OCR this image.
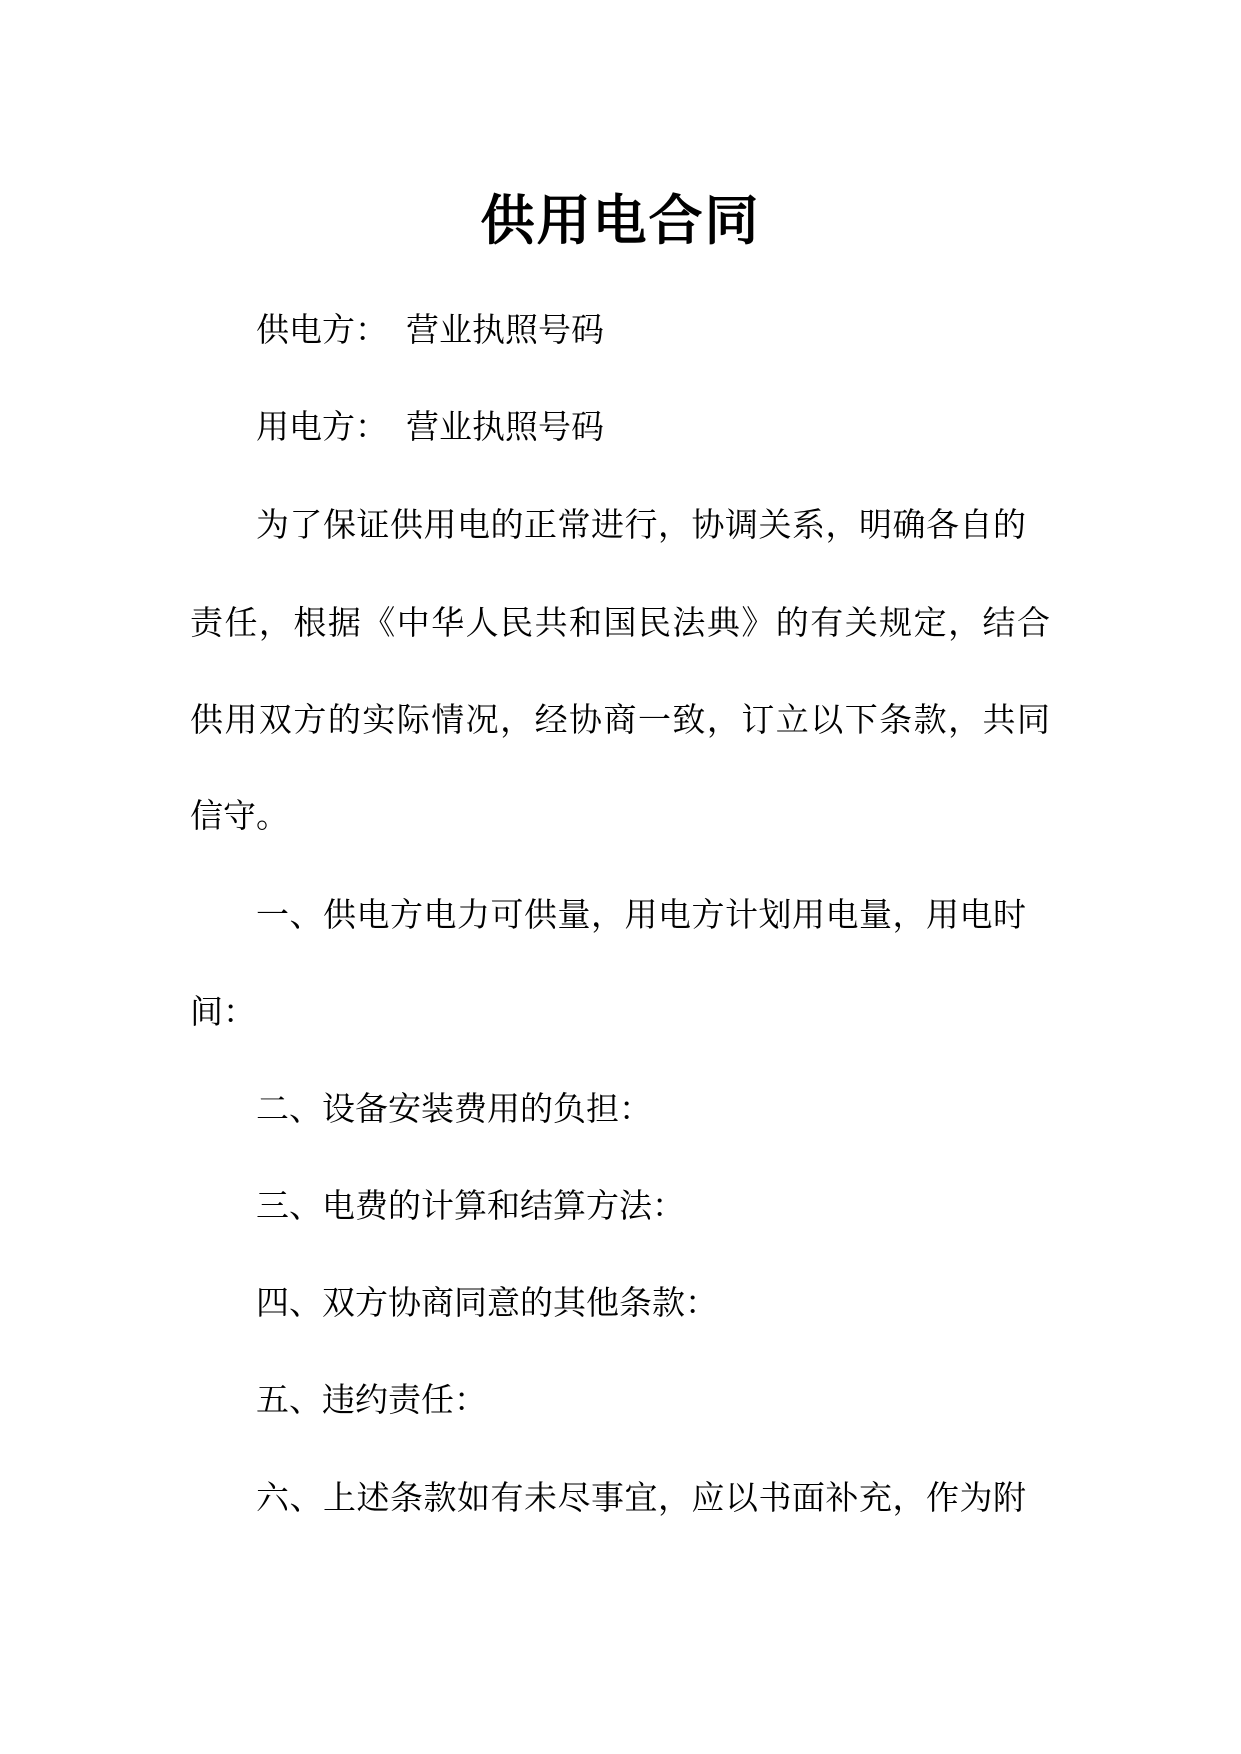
供用电合同
供电方： 营业执照号码
用电方： 营业执照号码

为了保证供用电的正常进行，协调关系，明确各自的

责任，根据《中华人民共和国民法典》的有关规定，结合

供用双方的实际情况，经协商一致，订立以下条款，共同

信守。

一、供电方电力可供量，用电方计划用电量，用电时

间：

二、设备安装费用的负担：

三、电费的计算和结算方法：

四、双方协商同意的其他条款：

五、违约责任：

六、上述条款如有未尽事宜，应以书面补充，作为附
